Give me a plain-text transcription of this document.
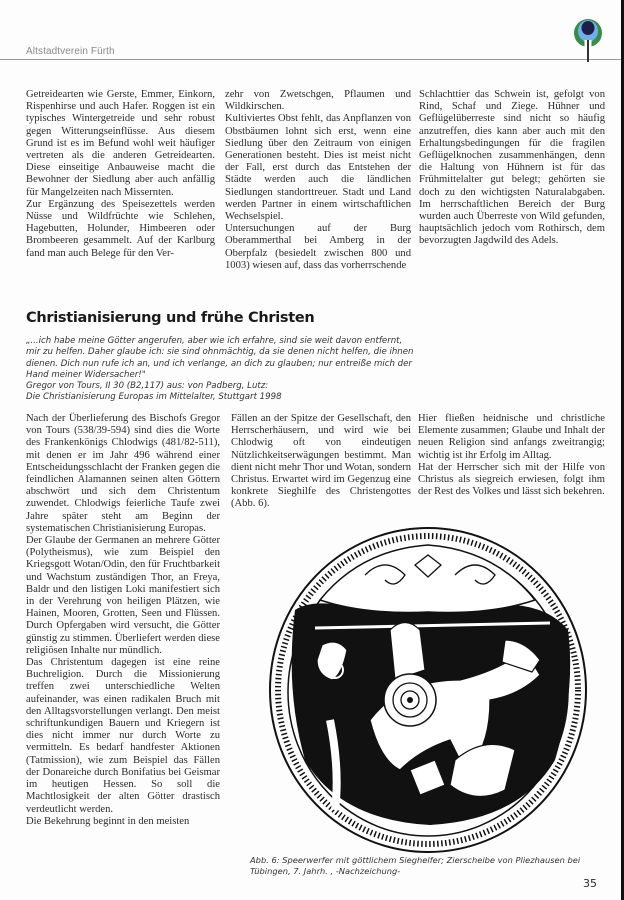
Altstadtverein Fürth

Getreidearten wie Gerste, Emmer, Einkorn, Rispenhirse und auch Hafer. Roggen ist ein typisches Wintergetreide und sehr robust gegen Witterungseinflüsse. Aus diesem Grund ist es im Befund wohl weit häufiger vertreten als die anderen Getreidearten. Diese einseitige Anbauweise macht die Bewohner der Siedlung aber auch anfällig für Mangelzeiten nach Missernten.

Zur Ergänzung des Speisezettels werden Nüsse und Wildfrüchte wie Schlehen, Hagebutten, Holunder, Himbeeren oder Brombeeren gesammelt. Auf der Karlburg fand man auch Belege für den Ver-

zehr von Zwetschgen, Pflaumen und Wildkirschen.

Kultiviertes Obst fehlt, das Anpflanzen von Obstbäumen lohnt sich erst, wenn eine Siedlung über den Zeitraum von einigen Generationen besteht. Dies ist meist nicht der Fall, erst durch das Entstehen der Städte werden auch die ländlichen Siedlungen standorttreuer. Stadt und Land werden Partner in einem wirtschaftlichen Wechselspiel.

Untersuchungen auf der Burg Oberammerthal bei Amberg in der Oberpfalz (besiedelt zwischen 800 und 1003) wiesen auf, dass das vorherrschende

Schlachttier das Schwein ist, gefolgt von Rind, Schaf und Ziege. Hühner und Geflügelüberreste sind nicht so häufig anzutreffen, dies kann aber auch mit den Erhaltungsbedingungen für die fragilen Geflügelknochen zusammenhängen, denn die Haltung von Hühnern ist für das Frühmittelalter gut belegt; gehörten sie doch zu den wichtigsten Naturalabgaben. Im herrschaftlichen Bereich der Burg wurden auch Überreste von Wild gefunden, hauptsächlich jedoch vom Rothirsch, dem bevorzugten Jagdwild des Adels.

Christianisierung und frühe Christen
„...ich habe meine Götter angerufen, aber wie ich erfahre, sind sie weit davon entfernt,
mir zu helfen. Daher glaube ich: sie sind ohnmächtig, da sie denen nicht helfen, die ihnen
dienen. Dich nun rufe ich an, und ich verlange, an dich zu glauben; nur entreiße mich der
Hand meiner Widersacher!"
Gregor von Tours, II 30 (B2,117) aus: von Padberg, Lutz:
Die Christianisierung Europas im Mittelalter, Stuttgart 1998

Nach der Überlieferung des Bischofs Gregor von Tours (538/39-594) sind dies die Worte des Frankenkönigs Chlodwigs (481/82-511), mit denen er im Jahr 496 während einer Entscheidungsschlacht der Franken gegen die feindlichen Alamannen seinen alten Göttern abschwört und sich dem Christentum zuwendet. Chlodwigs feierliche Taufe zwei Jahre später steht am Beginn der systematischen Christianisierung Europas.

Der Glaube der Germanen an mehrere Götter (Polytheismus), wie zum Beispiel den Kriegsgott Wotan/Odin, den für Fruchtbarkeit und Wachstum zuständigen Thor, an Freya, Baldr und den listigen Loki manifestiert sich in der Verehrung von heiligen Plätzen, wie Hainen, Mooren, Grotten, Seen und Flüssen. Durch Opfergaben wird versucht, die Götter günstig zu stimmen. Überliefert werden diese religiösen Inhalte nur mündlich.

Das Christentum dagegen ist eine reine Buchreligion. Durch die Missionierung treffen zwei unterschiedliche Welten aufeinander, was einen radikalen Bruch mit den Alltagsvorstellungen verlangt. Den meist schriftunkundigen Bauern und Kriegern ist dies nicht immer nur durch Worte zu vermitteln. Es bedarf handfester Aktionen (Tatmission), wie zum Beispiel das Fällen der Donareiche durch Bonifatius bei Geismar im heutigen Hessen. So soll die Machtlosigkeit der alten Götter drastisch verdeutlicht werden.

Die Bekehrung beginnt in den meisten

Fällen an der Spitze der Gesellschaft, den Herrscherhäusern, und wird wie bei Chlodwig oft von eindeutigen Nützlichkeitserwägungen bestimmt. Man dient nicht mehr Thor und Wotan, sondern Christus. Erwartet wird im Gegenzug eine konkrete Sieghilfe des Christengottes (Abb. 6).

Hier fließen heidnische und christliche Elemente zusammen; Glaube und Inhalt der neuen Religion sind anfangs zweitrangig; wichtig ist ihr Erfolg im Alltag.

Hat der Herrscher sich mit der Hilfe von Christus als siegreich erwiesen, folgt ihm der Rest des Volkes und lässt sich bekehren.

Abb. 6: Speerwerfer mit göttlichem Sieghelfer; Zierscheibe von Pliezhausen bei Tübingen, 7. Jahrh. , -Nachzeichung-
35
